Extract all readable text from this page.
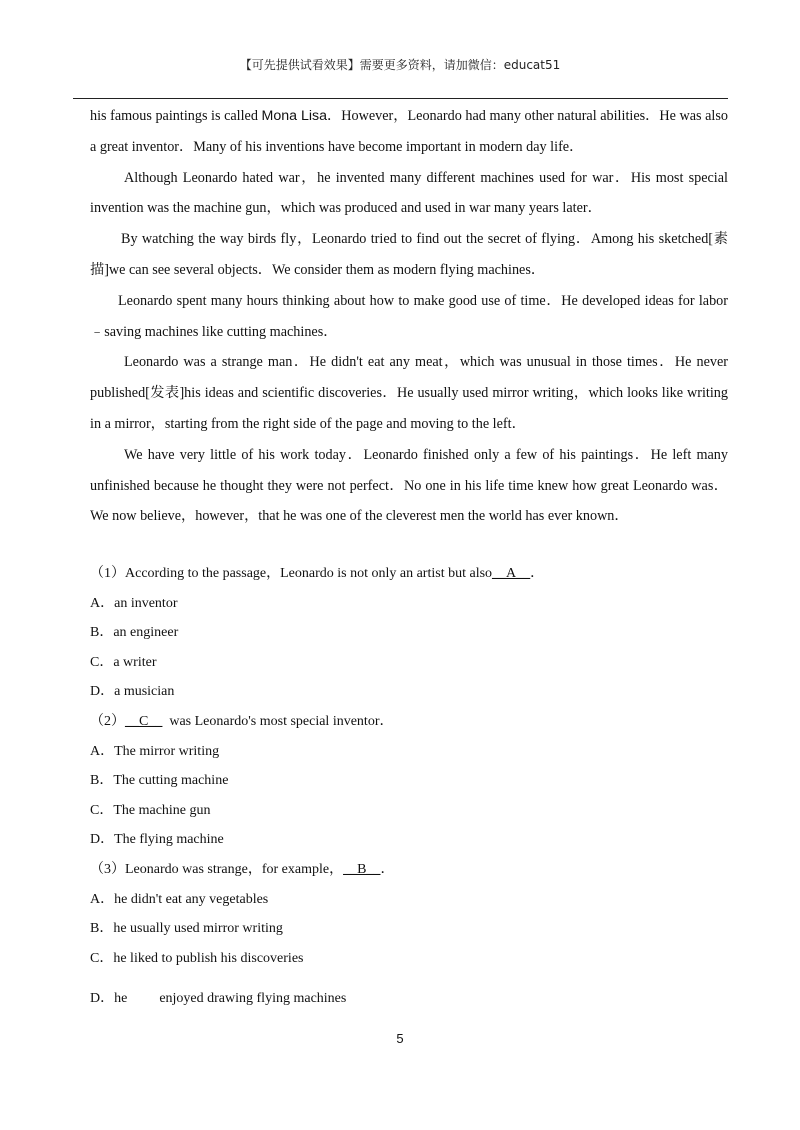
【可先提供试看效果】需要更多资料，请加微信：educat51

his famous paintings is called Mona Lisa．However，Leonardo had many other natural abilities．He was also a great inventor．Many of his inventions have become important in modern day life．

Although Leonardo hated war，he invented many different machines used for war．His most special invention was the machine gun，which was produced and used in war many years later．

By watching the way birds fly，Leonardo tried to find out the secret of flying．Among his sketched[素描]we can see several objects．We consider them as modern flying machines．

Leonardo spent many hours thinking about how to make good use of time．He developed ideas for labor﹣saving machines like cutting machines．

Leonardo was a strange man．He didn't eat any meat，which was unusual in those times．He never published[发表]his ideas and scientific discoveries．He usually used mirror writing，which looks like writing in a mirror，starting from the right side of the page and moving to the left．

We have very little of his work today．Leonardo finished only a few of his paintings．He left many unfinished because he thought they were not perfect．No one in his life time knew how great Leonardo was．We now believe，however，that he was one of the cleverest men the world has ever known．

（1）According to the passage，Leonardo is not only an artist but also__A__．
A．an inventor
B．an engineer
C．a writer
D．a musician
（2）__C__  was Leonardo's most special inventor．
A．The mirror writing
B．The cutting machine
C．The machine gun
D．The flying machine
（3）Leonardo was strange，for example，__B__．
A．he didn't eat any vegetables
B．he usually used mirror writing
C．he liked to publish his discoveries
D．he enjoyed drawing flying machines
5
